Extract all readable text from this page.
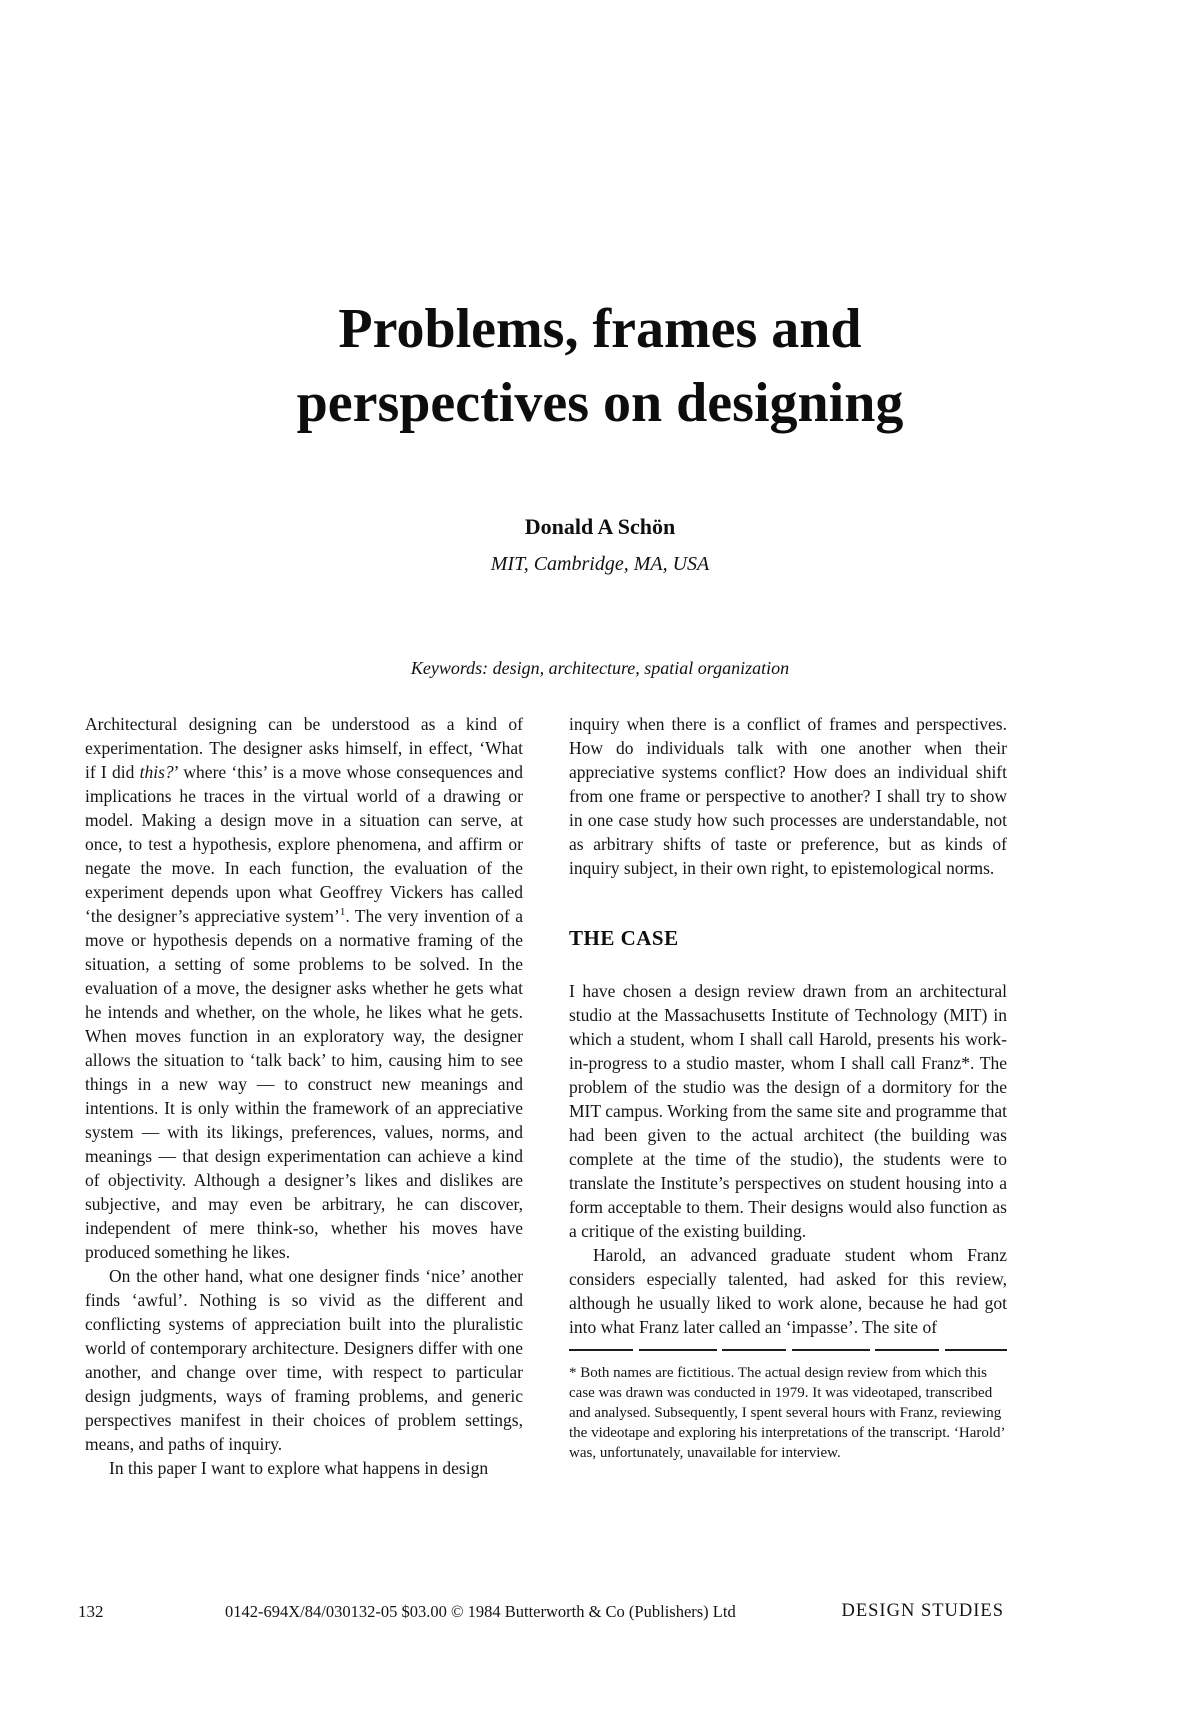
Problems, frames and
perspectives on designing
Donald A Schön
MIT, Cambridge, MA, USA
Keywords: design, architecture, spatial organization

Architectural designing can be understood as a kind of experimentation. The designer asks himself, in effect, ‘What if I did this?’ where ‘this’ is a move whose consequences and implications he traces in the virtual world of a drawing or model. Making a design move in a situation can serve, at once, to test a hypothesis, explore phenomena, and affirm or negate the move. In each function, the evaluation of the experiment depends upon what Geoffrey Vickers has called ‘the designer’s appreciative system’$^1$. The very invention of a move or hypothesis depends on a normative framing of the situation, a setting of some problems to be solved. In the evaluation of a move, the designer asks whether he gets what he intends and whether, on the whole, he likes what he gets. When moves function in an exploratory way, the designer allows the situation to ‘talk back’ to him, causing him to see things in a new way — to construct new meanings and intentions. It is only within the framework of an appreciative system — with its likings, preferences, values, norms, and meanings — that design experimentation can achieve a kind of objectivity. Although a designer’s likes and dislikes are subjective, and may even be arbitrary, he can discover, independent of mere think-so, whether his moves have produced something he likes.

On the other hand, what one designer finds ‘nice’ another finds ‘awful’. Nothing is so vivid as the different and conflicting systems of appreciation built into the pluralistic world of contemporary architecture. Designers differ with one another, and change over time, with respect to particular design judgments, ways of framing problems, and generic perspectives manifest in their choices of problem settings, means, and paths of inquiry.

In this paper I want to explore what happens in design

inquiry when there is a conflict of frames and perspectives. How do individuals talk with one another when their appreciative systems conflict? How does an individual shift from one frame or perspective to another? I shall try to show in one case study how such processes are understandable, not as arbitrary shifts of taste or preference, but as kinds of inquiry subject, in their own right, to epistemological norms.

THE CASE

I have chosen a design review drawn from an architectural studio at the Massachusetts Institute of Technology (MIT) in which a student, whom I shall call Harold, presents his work-in-progress to a studio master, whom I shall call Franz*. The problem of the studio was the design of a dormitory for the MIT campus. Working from the same site and programme that had been given to the actual architect (the building was complete at the time of the studio), the students were to translate the Institute’s perspectives on student housing into a form acceptable to them. Their designs would also function as a critique of the existing building.

Harold, an advanced graduate student whom Franz considers especially talented, had asked for this review, although he usually liked to work alone, because he had got into what Franz later called an ‘impasse’. The site of

* Both names are fictitious. The actual design review from which this case was drawn was conducted in 1979. It was videotaped, transcribed and analysed. Subsequently, I spent several hours with Franz, reviewing the videotape and exploring his interpretations of the transcript. ‘Harold’ was, unfortunately, unavailable for interview.

132	0142-694X/84/030132-05 $03.00 © 1984 Butterworth & Co (Publishers) Ltd	DESIGN STUDIES
